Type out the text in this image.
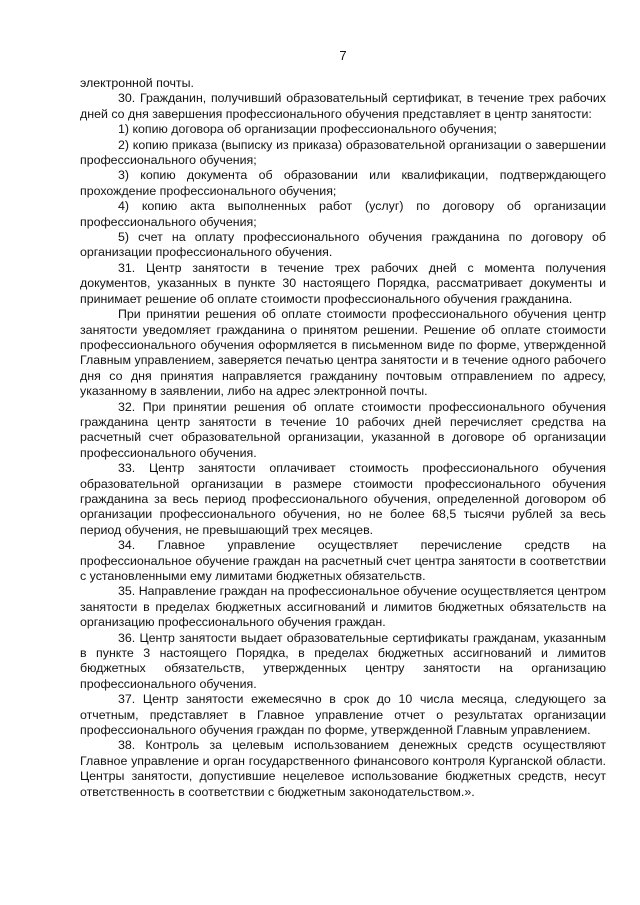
7

электронной почты.

30. Гражданин, получивший образовательный сертификат, в течение трех рабочих дней со дня завершения профессионального обучения представляет в центр занятости:

1) копию договора об организации профессионального обучения;

2) копию приказа (выписку из приказа) образовательной организации о завершении профессионального обучения;

3) копию документа об образовании или квалификации, подтверждающего прохождение профессионального обучения;

4) копию акта выполненных работ (услуг) по договору об организации профессионального обучения;

5) счет на оплату профессионального обучения гражданина по договору об организации профессионального обучения.

31. Центр занятости в течение трех рабочих дней с момента получения документов, указанных в пункте 30 настоящего Порядка, рассматривает документы и принимает решение об оплате стоимости профессионального обучения гражданина.

При принятии решения об оплате стоимости профессионального обучения центр занятости уведомляет гражданина о принятом решении. Решение об оплате стоимости профессионального обучения оформляется в письменном виде по форме, утвержденной Главным управлением, заверяется печатью центра занятости и в течение одного рабочего дня со дня принятия направляется гражданину почтовым отправлением по адресу, указанному в заявлении, либо на адрес электронной почты.

32. При принятии решения об оплате стоимости профессионального обучения гражданина центр занятости в течение 10 рабочих дней перечисляет средства на расчетный счет образовательной организации, указанной в договоре об организации профессионального обучения.

33. Центр занятости оплачивает стоимость профессионального обучения образовательной организации в размере стоимости профессионального обучения гражданина за весь период профессионального обучения, определенной договором об организации профессионального обучения, но не более 68,5 тысячи рублей за весь период обучения, не превышающий трех месяцев.

34. Главное управление осуществляет перечисление средств на профессиональное обучение граждан на расчетный счет центра занятости в соответствии с установленными ему лимитами бюджетных обязательств.

35. Направление граждан на профессиональное обучение осуществляется центром занятости в пределах бюджетных ассигнований и лимитов бюджетных обязательств на организацию профессионального обучения граждан.

36. Центр занятости выдает образовательные сертификаты гражданам, указанным в пункте 3 настоящего Порядка, в пределах бюджетных ассигнований и лимитов бюджетных обязательств, утвержденных центру занятости на организацию профессионального обучения.

37. Центр занятости ежемесячно в срок до 10 числа месяца, следующего за отчетным, представляет в Главное управление отчет о результатах организации профессионального обучения граждан по форме, утвержденной Главным управлением.

38. Контроль за целевым использованием денежных средств осуществляют Главное управление и орган государственного финансового контроля Курганской области. Центры занятости, допустившие нецелевое использование бюджетных средств, несут ответственность в соответствии с бюджетным законодательством.».
